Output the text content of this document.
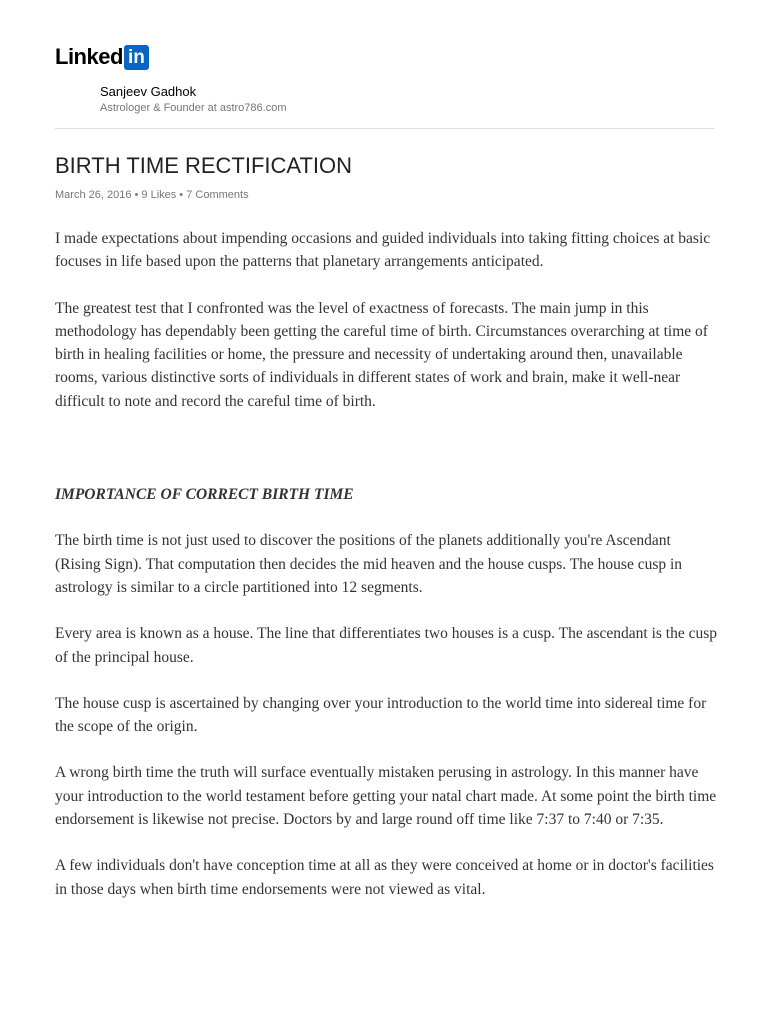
Linked in
Sanjeev Gadhok
Astrologer & Founder at astro786.com
BIRTH TIME RECTIFICATION
March 26, 2016 • 9 Likes • 7 Comments

I made expectations about impending occasions and guided individuals into taking fitting choices at basic focuses in life based upon the patterns that planetary arrangements anticipated.

The greatest test that I confronted was the level of exactness of forecasts. The main jump in this methodology has dependably been getting the careful time of birth. Circumstances overarching at time of birth in healing facilities or home, the pressure and necessity of undertaking around then, unavailable rooms, various distinctive sorts of individuals in different states of work and brain, make it well-near difficult to note and record the careful time of birth.

IMPORTANCE OF CORRECT BIRTH TIME

The birth time is not just used to discover the positions of the planets additionally you're Ascendant (Rising Sign). That computation then decides the mid heaven and the house cusps. The house cusp in astrology is similar to a circle partitioned into 12 segments.

Every area is known as a house. The line that differentiates two houses is a cusp. The ascendant is the cusp of the principal house.

The house cusp is ascertained by changing over your introduction to the world time into sidereal time for the scope of the origin.

A wrong birth time the truth will surface eventually mistaken perusing in astrology. In this manner have your introduction to the world testament before getting your natal chart made. At some point the birth time endorsement is likewise not precise. Doctors by and large round off time like 7:37 to 7:40 or 7:35.

A few individuals don't have conception time at all as they were conceived at home or in doctor's facilities in those days when birth time endorsements were not viewed as vital.
